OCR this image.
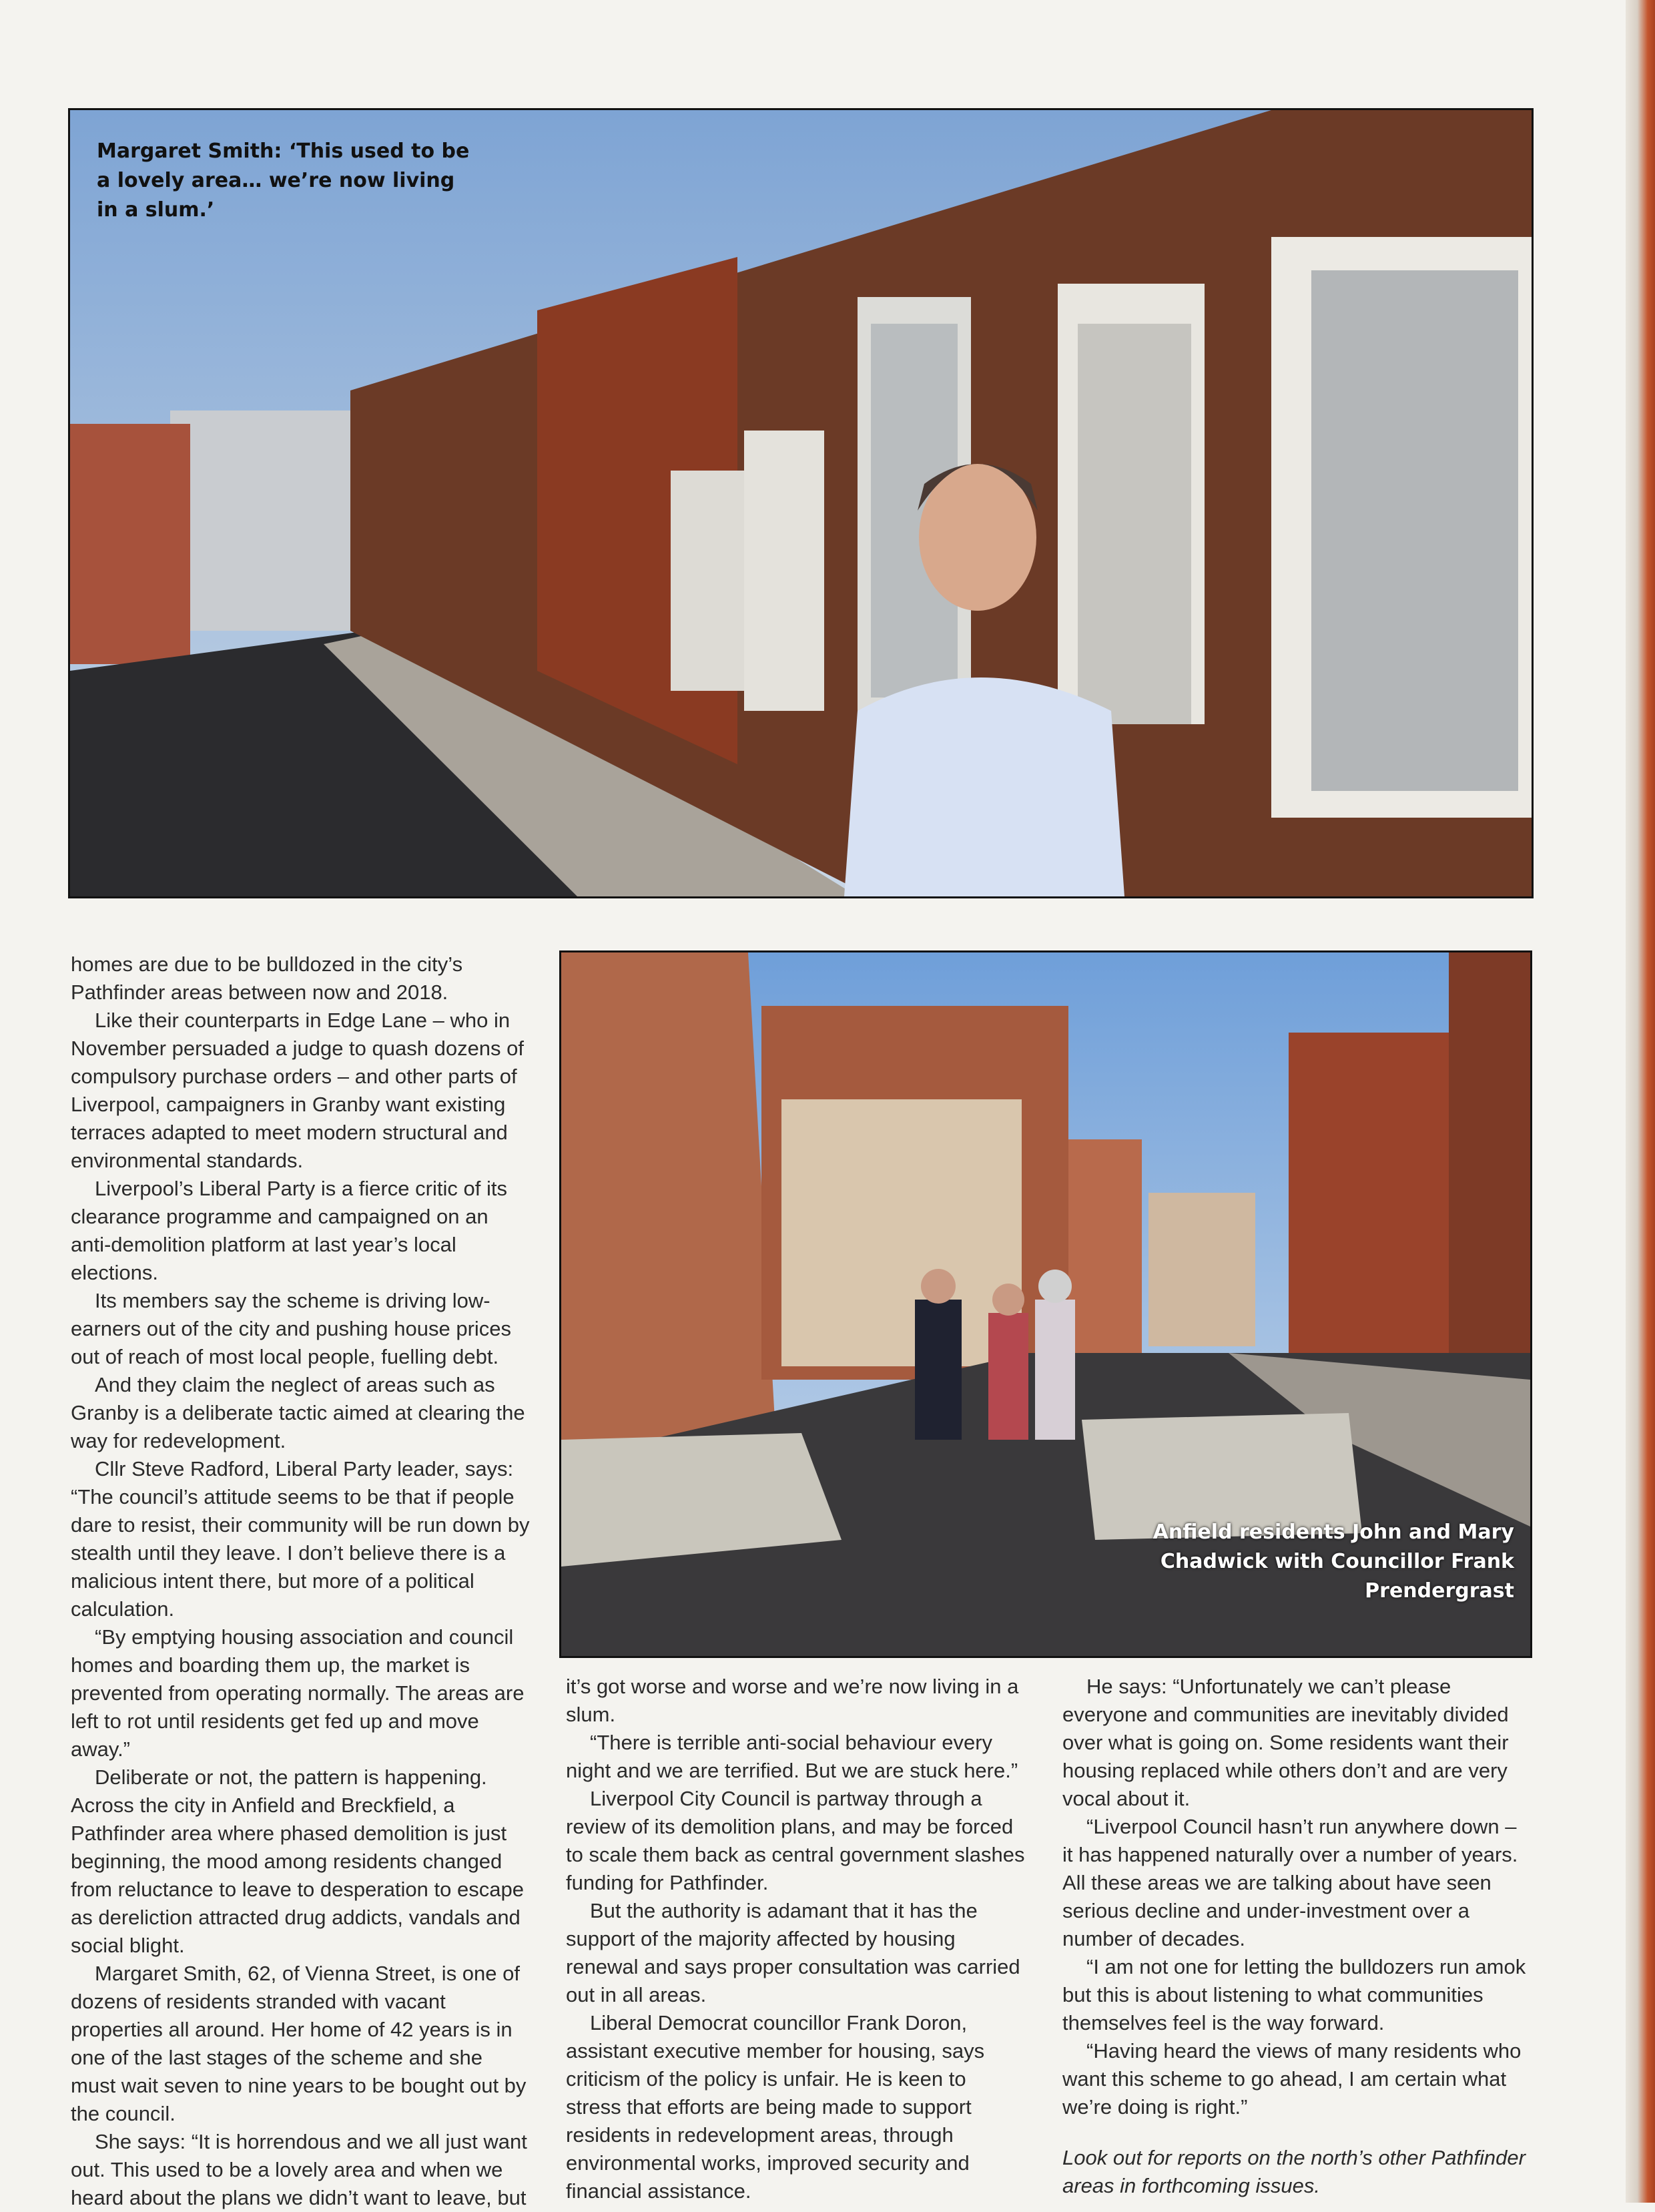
Margaret Smith: ‘This used to be a lovely area… we’re now living in a slum.’
Anfield residents John and Mary Chadwick with Councillor Frank Prendergrast

homes are due to be bulldozed in the city’s Pathfinder areas between now and 2018.

Like their counterparts in Edge Lane – who in November persuaded a judge to quash dozens of compulsory purchase orders – and other parts of Liverpool, campaigners in Granby want existing terraces adapted to meet modern structural and environmental standards.

Liverpool’s Liberal Party is a fierce critic of its clearance programme and campaigned on an anti-demolition platform at last year’s local elections.

Its members say the scheme is driving low-earners out of the city and pushing house prices out of reach of most local people, fuelling debt.

And they claim the neglect of areas such as Granby is a deliberate tactic aimed at clearing the way for redevelopment.

Cllr Steve Radford, Liberal Party leader, says: “The council’s attitude seems to be that if people dare to resist, their community will be run down by stealth until they leave. I don’t believe there is a malicious intent there, but more of a political calculation.

“By emptying housing association and council homes and boarding them up, the market is prevented from operating normally. The areas are left to rot until residents get fed up and move away.”

Deliberate or not, the pattern is happening. Across the city in Anfield and Breckfield, a Pathfinder area where phased demolition is just beginning, the mood among residents changed from reluctance to leave to desperation to escape as dereliction attracted drug addicts, vandals and social blight.

Margaret Smith, 62, of Vienna Street, is one of dozens of residents stranded with vacant properties all around. Her home of 42 years is in one of the last stages of the scheme and she must wait seven to nine years to be bought out by the council.

She says: “It is horrendous and we all just want out. This used to be a lovely area and when we heard about the plans we didn’t want to leave, but

it’s got worse and worse and we’re now living in a slum.

“There is terrible anti-social behaviour every night and we are terrified. But we are stuck here.”

Liverpool City Council is partway through a review of its demolition plans, and may be forced to scale them back as central government slashes funding for Pathfinder.

But the authority is adamant that it has the support of the majority affected by housing renewal and says proper consultation was carried out in all areas.

Liberal Democrat councillor Frank Doron, assistant executive member for housing, says criticism of the policy is unfair. He is keen to stress that efforts are being made to support residents in redevelopment areas, through environmental works, improved security and financial assistance.

He says: “Unfortunately we can’t please everyone and communities are inevitably divided over what is going on. Some residents want their housing replaced while others don’t and are very vocal about it.

“Liverpool Council hasn’t run anywhere down – it has happened naturally over a number of years. All these areas we are talking about have seen serious decline and under-investment over a number of decades.

“I am not one for letting the bulldozers run amok but this is about listening to what communities themselves feel is the way forward.

“Having heard the views of many residents who want this scheme to go ahead, I am certain what we’re doing is right.”

Look out for reports on the north’s other Pathfinder areas in forthcoming issues.
